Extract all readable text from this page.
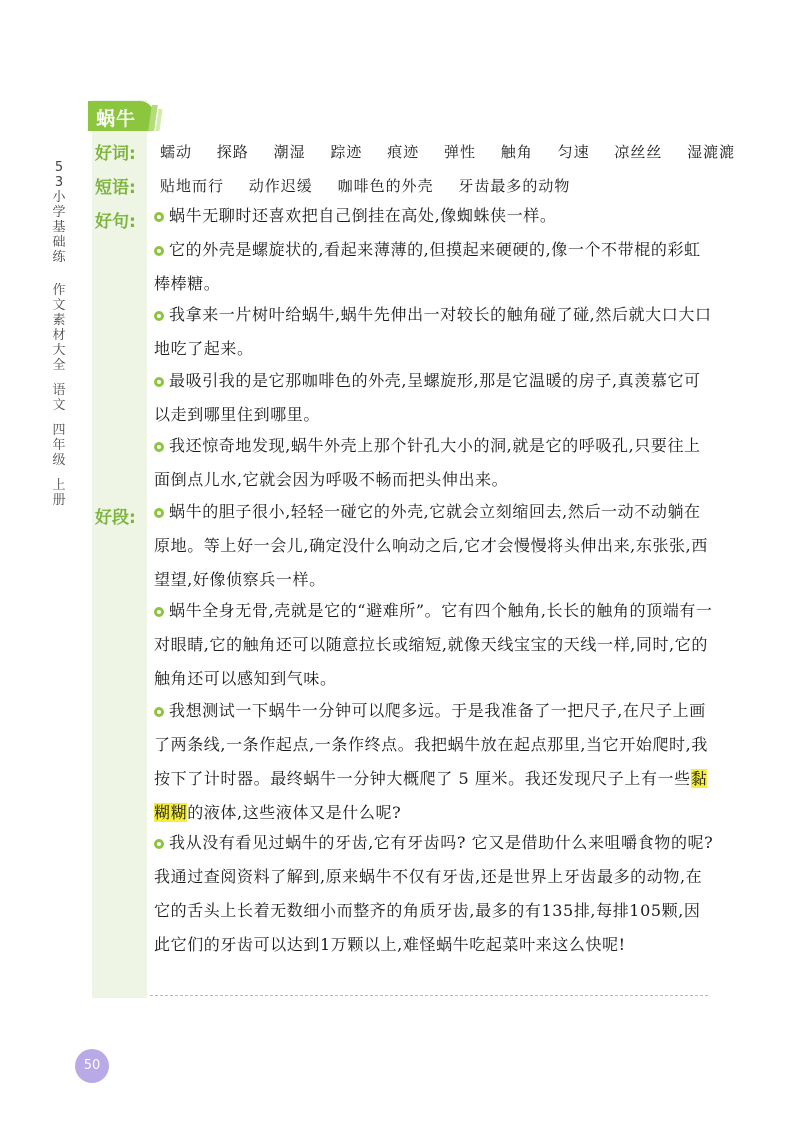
蜗牛
5
3
小
学
基
础
练
作
文
素
材
大
全
语
文
四
年
级
上
册
好词: 蠕动 探路 潮湿 踪迹 痕迹 弹性 触角 匀速 凉丝丝 湿漉漉
短语: 贴地而行 动作迟缓 咖啡色的外壳 牙齿最多的动物
好句:	蜗牛无聊时还喜欢把自己倒挂在高处,像蜘蛛侠一样。
它的外壳是螺旋状的,看起来薄薄的,但摸起来硬硬的,像一个不带棍的彩虹棒棒糖。
我拿来一片树叶给蜗牛,蜗牛先伸出一对较长的触角碰了碰,然后就大口大口地吃了起来。
最吸引我的是它那咖啡色的外壳,呈螺旋形,那是它温暖的房子,真羡慕它可以走到哪里住到哪里。
我还惊奇地发现,蜗牛外壳上那个针孔大小的洞,就是它的呼吸孔,只要往上面倒点儿水,它就会因为呼吸不畅而把头伸出来。
好段:	蜗牛的胆子很小,轻轻一碰它的外壳,它就会立刻缩回去,然后一动不动躺在原地。等上好一会儿,确定没什么响动之后,它才会慢慢将头伸出来,东张张,西望望,好像侦察兵一样。
蜗牛全身无骨,壳就是它的“避难所”。它有四个触角,长长的触角的顶端有一对眼睛,它的触角还可以随意拉长或缩短,就像天线宝宝的天线一样,同时,它的触角还可以感知到气味。
我想测试一下蜗牛一分钟可以爬多远。于是我准备了一把尺子,在尺子上画了两条线,一条作起点,一条作终点。我把蜗牛放在起点那里,当它开始爬时,我按下了计时器。最终蜗牛一分钟大概爬了 5 厘米。我还发现尺子上有一些黏糊糊的液体,这些液体又是什么呢?
我从没有看见过蜗牛的牙齿,它有牙齿吗? 它又是借助什么来咀嚼食物的呢? 我通过查阅资料了解到,原来蜗牛不仅有牙齿,还是世界上牙齿最多的动物,在它的舌头上长着无数细小而整齐的角质牙齿,最多的有135排,每排105颗,因此它们的牙齿可以达到1万颗以上,难怪蜗牛吃起菜叶来这么快呢!
50
